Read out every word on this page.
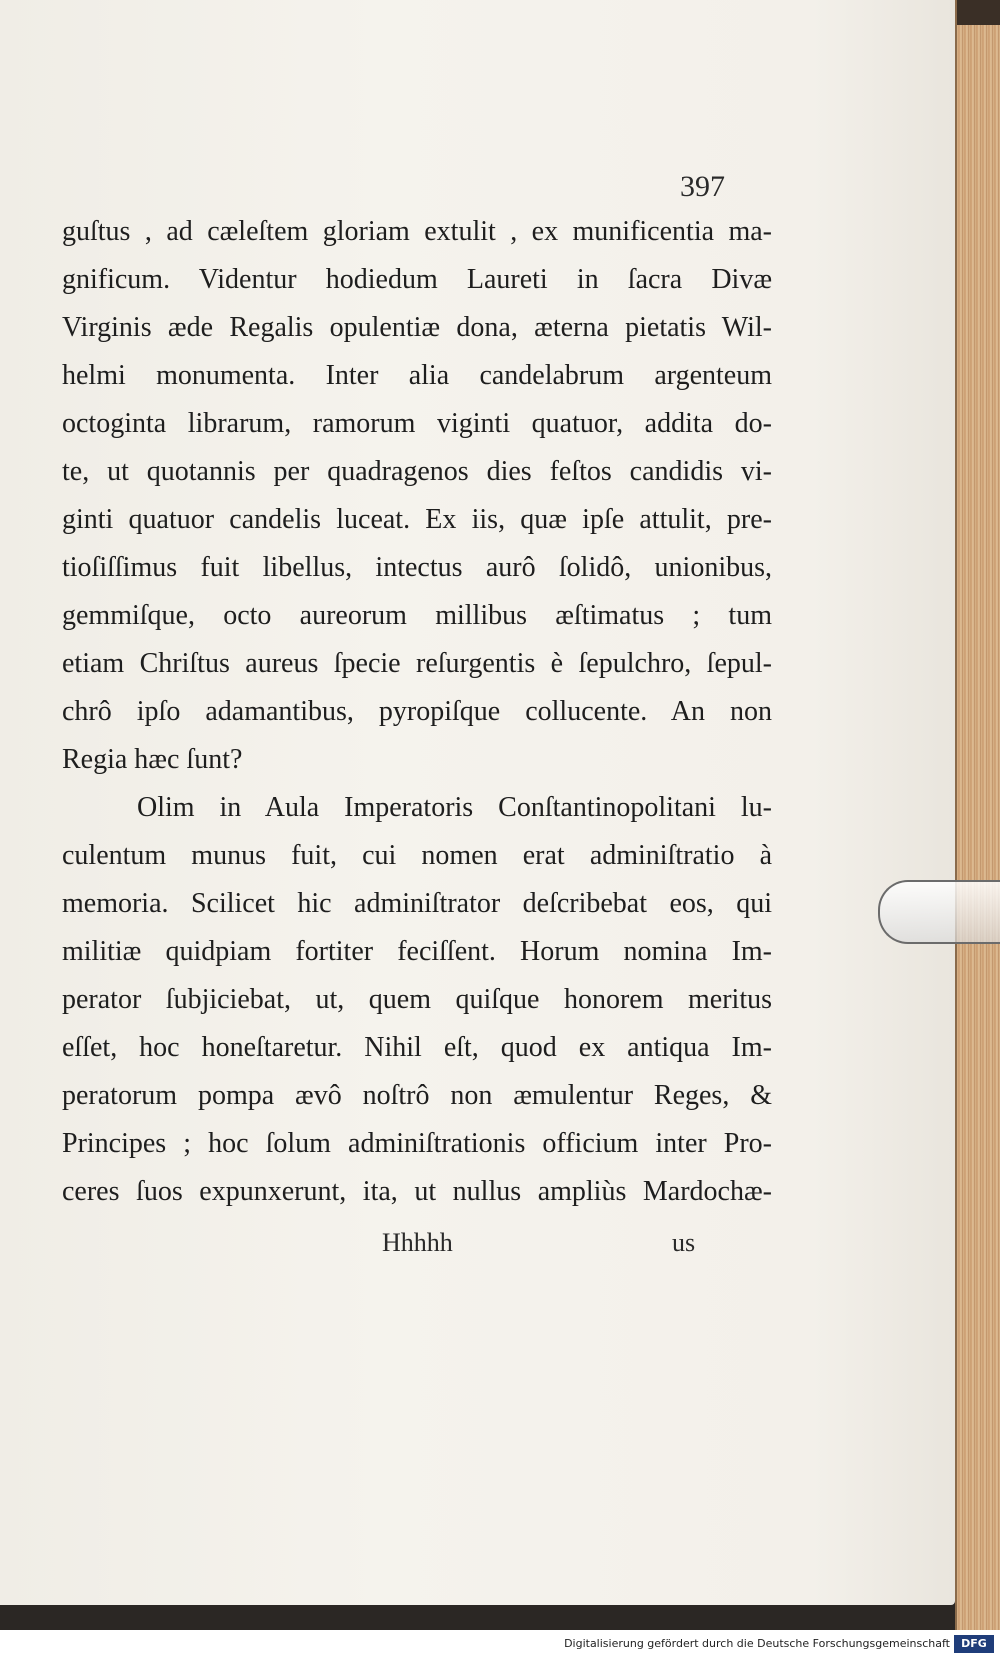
397
guſtus , ad cæleſtem gloriam extulit , ex munificentia ma-
gnificum. Videntur hodiedum Laureti in ſacra Divæ
Virginis æde Regalis opulentiæ dona, æterna pietatis Wil-
helmi monumenta. Inter alia candelabrum argenteum
octoginta librarum, ramorum viginti quatuor, addita do-
te, ut quotannis per quadragenos dies feſtos candidis vi-
ginti quatuor candelis luceat. Ex iis, quæ ipſe attulit, pre-
tioſiſſimus fuit libellus, intectus aurô ſolidô, unionibus,
gemmiſque, octo aureorum millibus æſtimatus ; tum
etiam Chriſtus aureus ſpecie reſurgentis è ſepulchro, ſepul-
chrô ipſo adamantibus, pyropiſque collucente. An non
Regia hæc ſunt?
Olim in Aula Imperatoris Conſtantinopolitani lu-
culentum munus fuit, cui nomen erat adminiſtratio à
memoria. Scilicet hic adminiſtrator deſcribebat eos, qui
militiæ quidpiam fortiter feciſſent. Horum nomina Im-
perator ſubjiciebat, ut, quem quiſque honorem meritus
eſſet, hoc honeſtaretur. Nihil eſt, quod ex antiqua Im-
peratorum pompa ævô noſtrô non æmulentur Reges, &
Principes ; hoc ſolum adminiſtrationis officium inter Pro-
ceres ſuos expunxerunt, ita, ut nullus ampliùs Mardochæ-
Hhhhh	us
Digitalisierung gefördert durch die Deutsche Forschungsgemeinschaft	DFG
